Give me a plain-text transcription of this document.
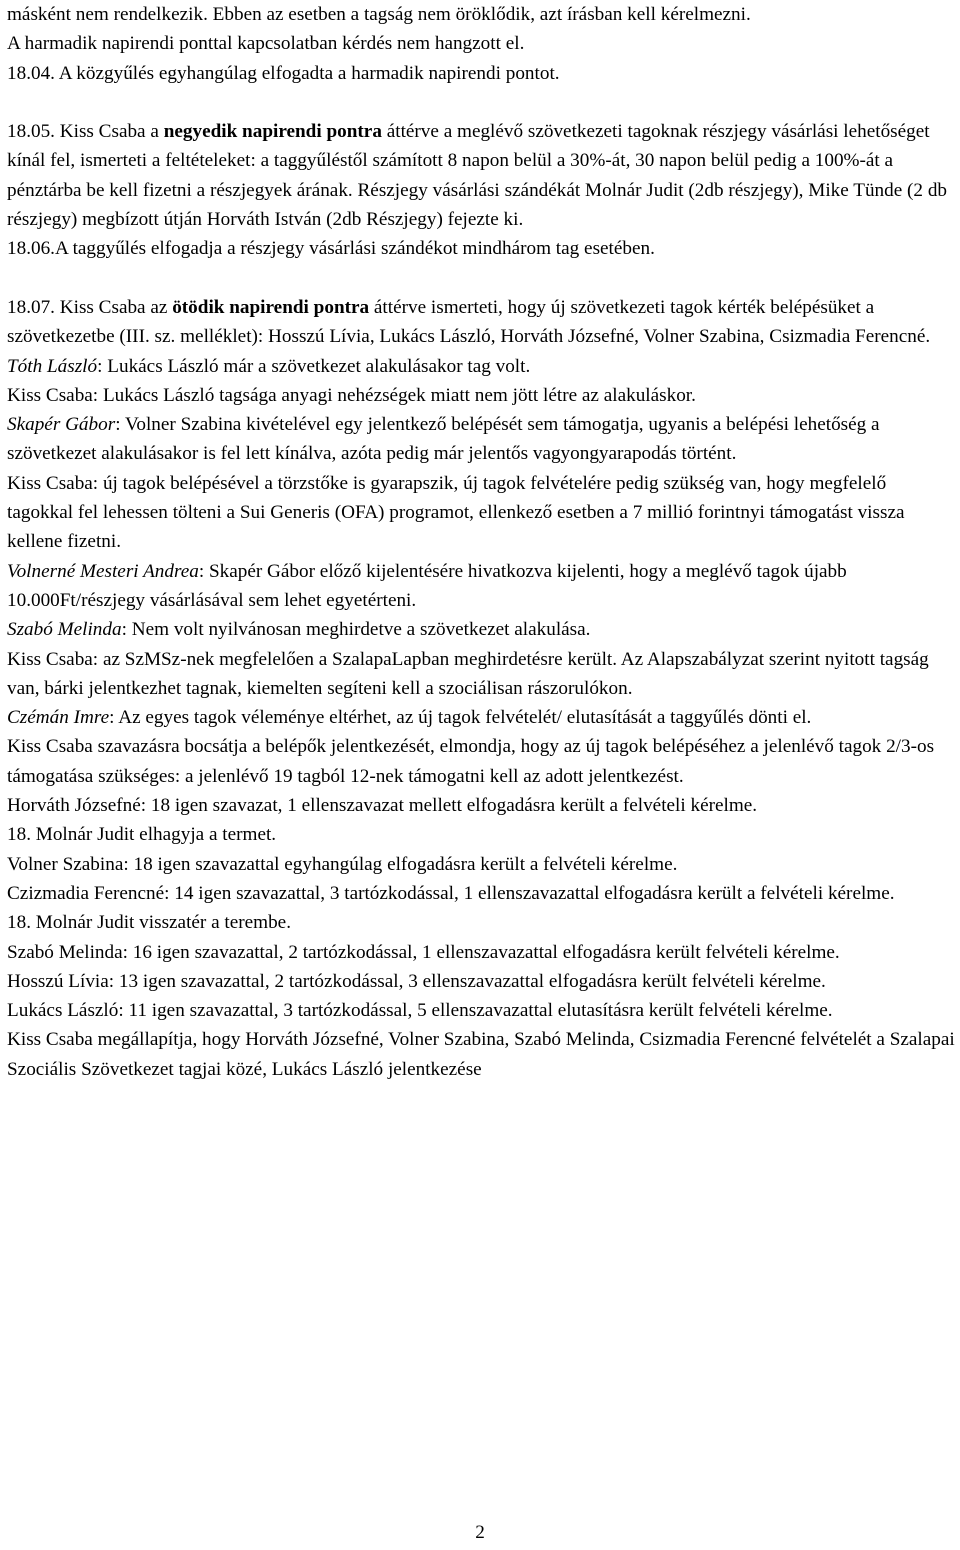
másként nem rendelkezik. Ebben az esetben a tagság nem öröklődik, azt írásban kell kérelmezni.

A harmadik napirendi ponttal kapcsolatban kérdés nem hangzott el.

18.04. A közgyűlés egyhangúlag elfogadta a harmadik napirendi pontot.

18.05. Kiss Csaba a negyedik napirendi pontra áttérve a meglévő szövetkezeti tagoknak részjegy vásárlási lehetőséget kínál fel, ismerteti a feltételeket: a taggyűléstől számított 8 napon belül a 30%-át, 30 napon belül pedig a 100%-át a pénztárba be kell fizetni a részjegyek árának. Részjegy vásárlási szándékát Molnár Judit (2db részjegy), Mike Tünde (2 db részjegy) megbízott útján Horváth István (2db Részjegy) fejezte ki.

18.06.A taggyűlés elfogadja a részjegy vásárlási szándékot mindhárom tag esetében.

18.07. Kiss Csaba az ötödik napirendi pontra áttérve ismerteti, hogy új szövetkezeti tagok kérték belépésüket a szövetkezetbe (III. sz. melléklet): Hosszú Lívia, Lukács László, Horváth Józsefné, Volner Szabina, Csizmadia Ferencné.

Tóth László: Lukács László már a szövetkezet alakulásakor tag volt.

Kiss Csaba: Lukács László tagsága anyagi nehézségek miatt nem jött létre az alakuláskor.

Skapér Gábor: Volner Szabina kivételével egy jelentkező belépését sem támogatja, ugyanis a belépési lehetőség a szövetkezet alakulásakor is fel lett kínálva, azóta pedig már jelentős vagyongyarapodás történt.

Kiss Csaba: új tagok belépésével a törzstőke is gyarapszik, új tagok felvételére pedig szükség van, hogy megfelelő tagokkal fel lehessen tölteni a Sui Generis (OFA) programot, ellenkező esetben a 7 millió forintnyi támogatást vissza kellene fizetni.

Volnerné Mesteri Andrea: Skapér Gábor előző kijelentésére hivatkozva kijelenti, hogy a meglévő tagok újabb 10.000Ft/részjegy vásárlásával sem lehet egyetérteni.

Szabó Melinda: Nem volt nyilvánosan meghirdetve a szövetkezet alakulása.

Kiss Csaba: az SzMSz-nek megfelelően a SzalapaLapban meghirdetésre került. Az Alapszabályzat szerint nyitott tagság van, bárki jelentkezhet tagnak, kiemelten segíteni kell a szociálisan rászorulókon.

Czémán Imre: Az egyes tagok véleménye eltérhet, az új tagok felvételét/ elutasítását a taggyűlés dönti el.

Kiss Csaba szavazásra bocsátja a belépők jelentkezését, elmondja, hogy az új tagok belépéséhez a jelenlévő tagok 2/3-os támogatása szükséges: a jelenlévő 19 tagból 12-nek támogatni kell az adott jelentkezést.

Horváth Józsefné: 18 igen szavazat, 1 ellenszavazat mellett elfogadásra került a felvételi kérelme.

18. Molnár Judit elhagyja a termet.

Volner Szabina: 18 igen szavazattal egyhangúlag elfogadásra került a felvételi kérelme.

Czizmadia Ferencné: 14 igen szavazattal, 3 tartózkodással, 1 ellenszavazattal elfogadásra került a felvételi kérelme.

18. Molnár Judit visszatér a terembe.

Szabó Melinda: 16 igen szavazattal, 2 tartózkodással, 1 ellenszavazattal elfogadásra került felvételi kérelme.

Hosszú Lívia: 13 igen szavazattal, 2 tartózkodással, 3 ellenszavazattal elfogadásra került felvételi kérelme.

Lukács László: 11 igen szavazattal, 3 tartózkodással, 5 ellenszavazattal elutasításra került felvételi kérelme.

Kiss Csaba megállapítja, hogy Horváth Józsefné, Volner Szabina, Szabó Melinda, Csizmadia Ferencné felvételét a Szalapai Szociális Szövetkezet tagjai közé, Lukács László jelentkezése

2
